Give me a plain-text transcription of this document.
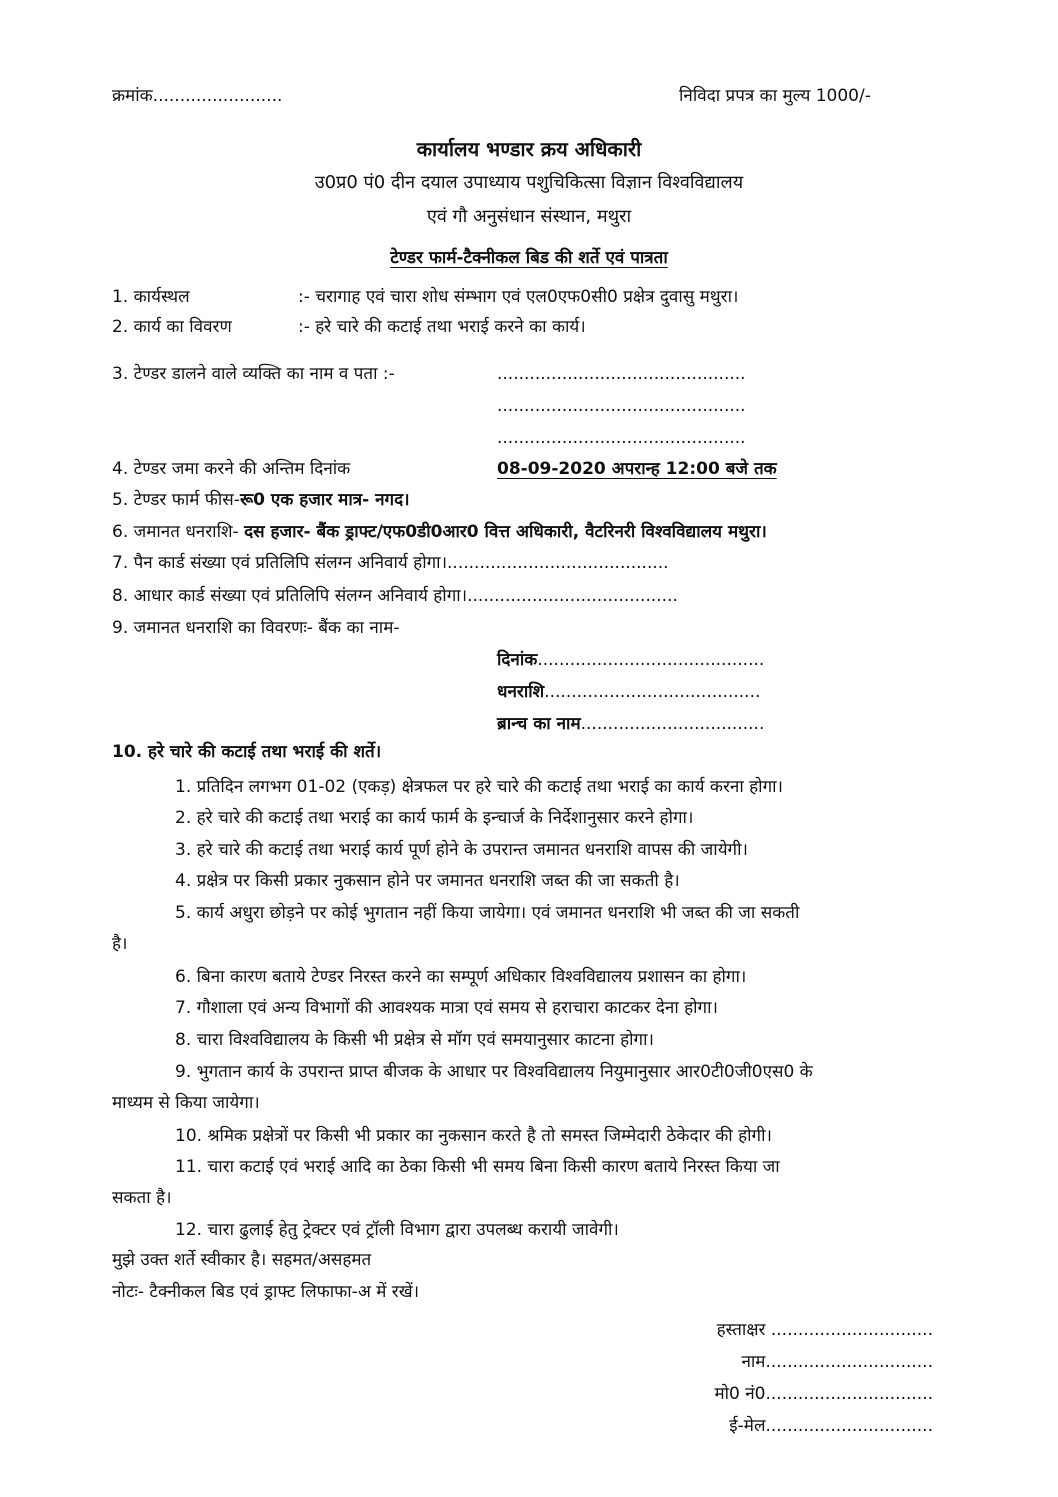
क्रमांक........................	निविदा प्रपत्र का मुल्य 1000/-
कार्यालय भण्डार क्रय अधिकारी
उ0प्र0 पं0 दीन दयाल उपाध्याय पशुचिकित्सा विज्ञान विश्वविद्यालय
एवं गौ अनुसंधान संस्थान, मथुरा
टेण्डर फार्म-टैक्नीकल बिड की शर्ते एवं पात्रता
1. कार्यस्थल	:- चरागाह एवं चारा शोध संम्भाग एवं एल0एफ0सी0 प्रक्षेत्र दुवासु मथुरा।
2. कार्य का विवरण	:- हरे चारे की कटाई तथा भराई करने का कार्य।
3. टेण्डर डालने वाले व्यक्ति का नाम व पता :-	..............................................
..............................................
..............................................
4. टेण्डर जमा करने की अन्तिम दिनांक	08-09-2020 अपरान्ह 12:00 बजे तक
5. टेण्डर फार्म फीस-रू0 एक हजार मात्र- नगद।
6. जमानत धनराशि- दस हजार- बैंक ड्राफ्ट/एफ0डी0आर0 वित्त अधिकारी, वैटरिनरी विश्वविद्यालय मथुरा।
7. पैन कार्ड संख्या एवं प्रतिलिपि संलग्न अनिवार्य होगा।.........................................
8. आधार कार्ड संख्या एवं प्रतिलिपि संलग्न अनिवार्य होगा।.......................................
9. जमानत धनराशि का विवरणः- बैंक का नाम-
दिनांक..........................................
धनराशि........................................
ब्रान्च का नाम..................................
10. हरे चारे की कटाई तथा भराई की शर्ते।
1. प्रतिदिन लगभग 01-02 (एकड़) क्षेत्रफल पर हरे चारे की कटाई तथा भराई का कार्य करना होगा।
2. हरे चारे की कटाई तथा भराई का कार्य फार्म के इन्चार्ज के निर्देशानुसार करने होगा।
3. हरे चारे की कटाई तथा भराई कार्य पूर्ण होने के उपरान्त जमानत धनराशि वापस की जायेगी।
4. प्रक्षेत्र पर किसी प्रकार नुकसान होने पर जमानत धनराशि जब्त की जा सकती है।
5. कार्य अधुरा छोड़ने पर कोई भुगतान नहीं किया जायेगा। एवं जमानत धनराशि भी जब्त की जा सकती
है।
6. बिना कारण बताये टेण्डर निरस्त करने का सम्पूर्ण अधिकार विश्वविद्यालय प्रशासन का होगा।
7. गौशाला एवं अन्य विभागों की आवश्यक मात्रा एवं समय से हराचारा काटकर देना होगा।
8. चारा विश्वविद्यालय के किसी भी प्रक्षेत्र से मॉग एवं समयानुसार काटना होगा।
9. भुगतान कार्य के उपरान्त प्राप्त बीजक के आधार पर विश्वविद्यालय नियुमानुसार आर0टी0जी0एस0 के
माध्यम से किया जायेगा।
10. श्रमिक प्रक्षेत्रों पर किसी भी प्रकार का नुकसान करते है तो समस्त जिम्मेदारी ठेकेदार की होगी।
11. चारा कटाई एवं भराई आदि का ठेका किसी भी समय बिना किसी कारण बताये निरस्त किया जा
सकता है।
12. चारा ढुलाई हेतु ट्रेक्टर एवं ट्रॉली विभाग द्वारा उपलब्ध करायी जावेगी।
मुझे उक्त शर्ते स्वीकार है। सहमत/असहमत
नोटः- टैक्नीकल बिड एवं ड्राफ्ट लिफाफा-अ में रखें।
हस्ताक्षर ..............................
नाम...............................
मो0 नं0...............................
ई-मेल...............................
